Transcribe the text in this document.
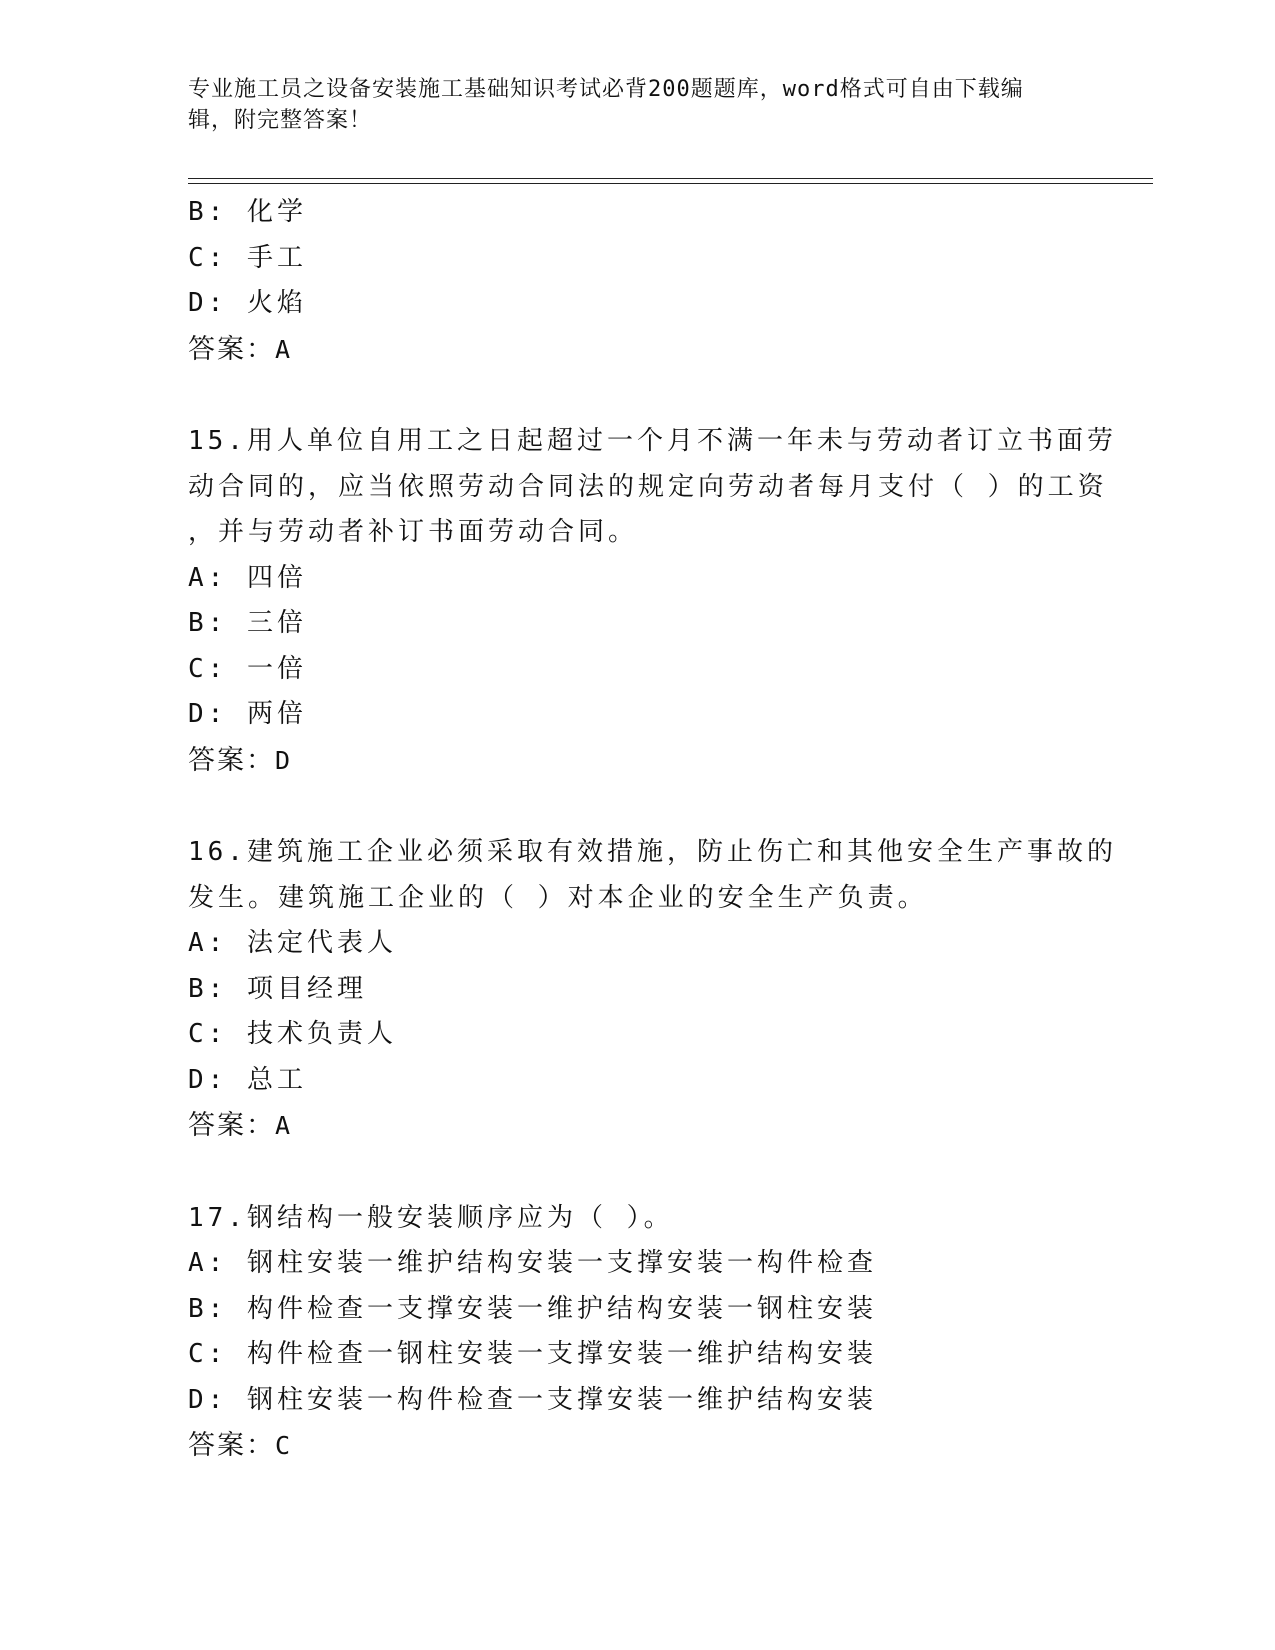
专业施工员之设备安装施工基础知识考试必背200题题库，word格式可自由下载编辑，附完整答案！
B: 化学
C: 手工
D: 火焰
答案：A
15.用人单位自用工之日起超过一个月不满一年未与劳动者订立书面劳
动合同的，应当依照劳动合同法的规定向劳动者每月支付（ ）的工资
，并与劳动者补订书面劳动合同。
A: 四倍
B: 三倍
C: 一倍
D: 两倍
答案：D
16.建筑施工企业必须采取有效措施，防止伤亡和其他安全生产事故的
发生。建筑施工企业的（ ）对本企业的安全生产负责。
A: 法定代表人
B: 项目经理
C: 技术负责人
D: 总工
答案：A
17.钢结构一般安装顺序应为（ ）。
A: 钢柱安装一维护结构安装一支撑安装一构件检查
B: 构件检查一支撑安装一维护结构安装一钢柱安装
C: 构件检查一钢柱安装一支撑安装一维护结构安装
D: 钢柱安装一构件检查一支撑安装一维护结构安装
答案：C
